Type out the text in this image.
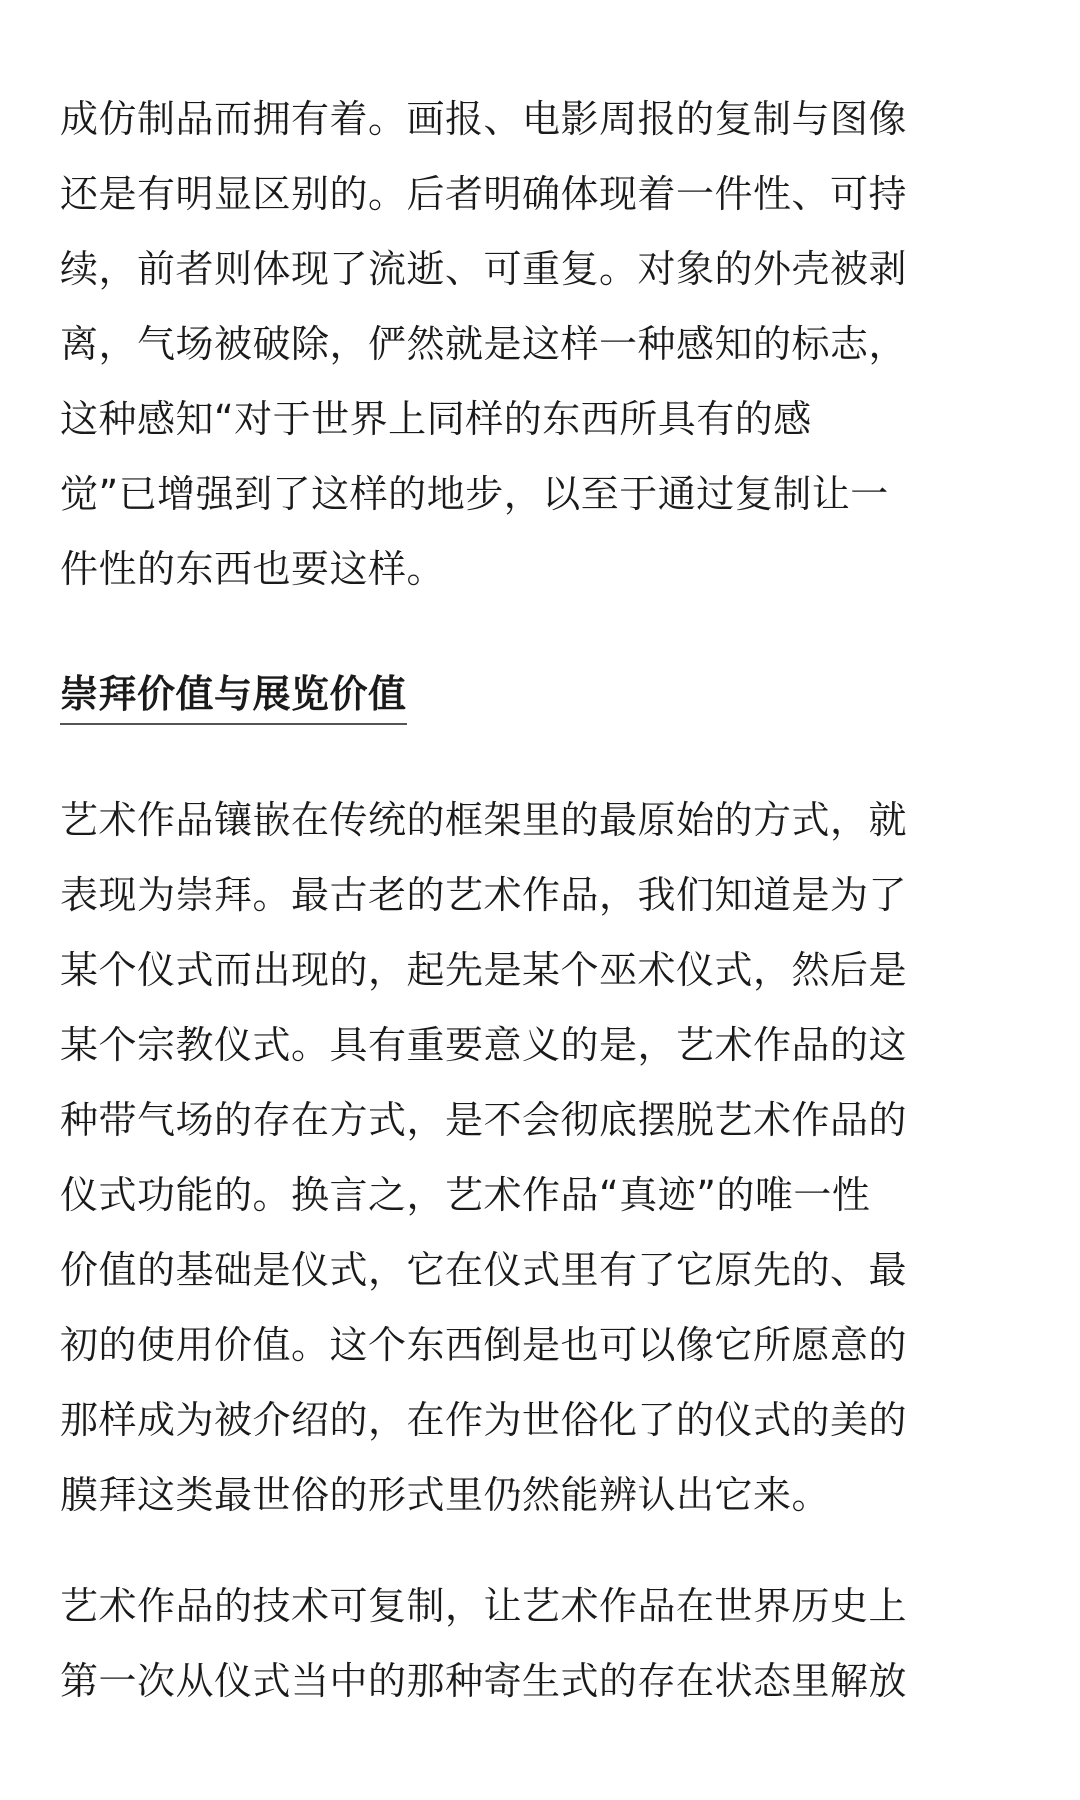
成仿制品而拥有着。画报、电影周报的复制与图像
还是有明显区别的。后者明确体现着一件性、可持
续，前者则体现了流逝、可重复。对象的外壳被剥
离，气场被破除，俨然就是这样一种感知的标志，
这种感知“对于世界上同样的东西所具有的感
觉”已增强到了这样的地步，以至于通过复制让一
件性的东西也要这样。

崇拜价值与展览价值

艺术作品镶嵌在传统的框架里的最原始的方式，就
表现为崇拜。最古老的艺术作品，我们知道是为了
某个仪式而出现的，起先是某个巫术仪式，然后是
某个宗教仪式。具有重要意义的是，艺术作品的这
种带气场的存在方式，是不会彻底摆脱艺术作品的
仪式功能的。换言之，艺术作品“真迹”的唯一性
价值的基础是仪式，它在仪式里有了它原先的、最
初的使用价值。这个东西倒是也可以像它所愿意的
那样成为被介绍的，在作为世俗化了的仪式的美的
膜拜这类最世俗的形式里仍然能辨认出它来。

艺术作品的技术可复制，让艺术作品在世界历史上
第一次从仪式当中的那种寄生式的存在状态里解放
